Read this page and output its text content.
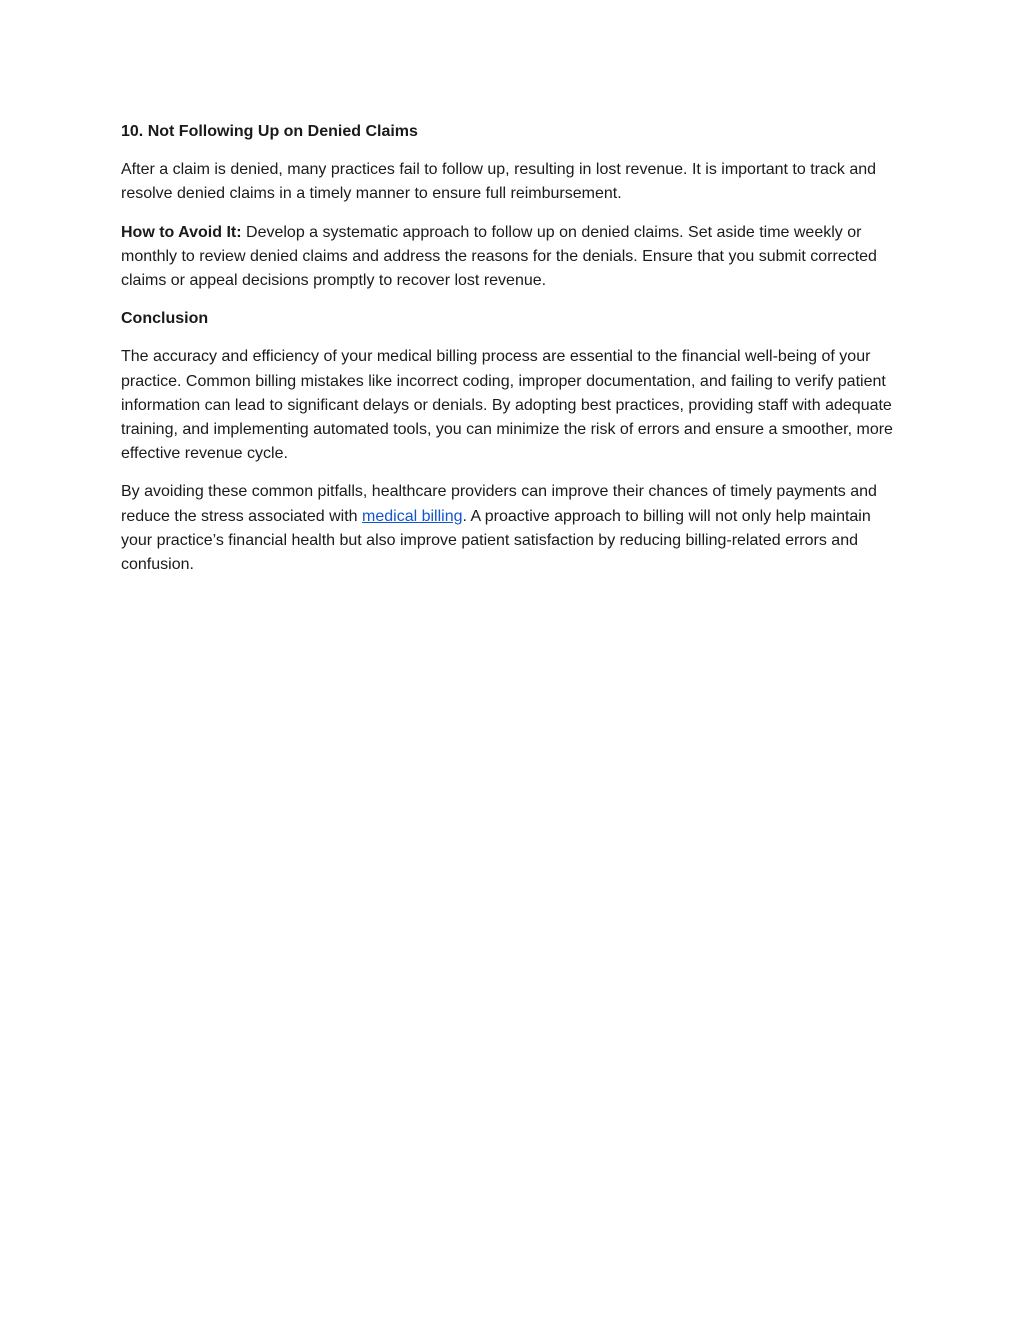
10. Not Following Up on Denied Claims

After a claim is denied, many practices fail to follow up, resulting in lost revenue. It is important to track and resolve denied claims in a timely manner to ensure full reimbursement.

How to Avoid It: Develop a systematic approach to follow up on denied claims. Set aside time weekly or monthly to review denied claims and address the reasons for the denials. Ensure that you submit corrected claims or appeal decisions promptly to recover lost revenue.

Conclusion

The accuracy and efficiency of your medical billing process are essential to the financial well-being of your practice. Common billing mistakes like incorrect coding, improper documentation, and failing to verify patient information can lead to significant delays or denials. By adopting best practices, providing staff with adequate training, and implementing automated tools, you can minimize the risk of errors and ensure a smoother, more effective revenue cycle.

By avoiding these common pitfalls, healthcare providers can improve their chances of timely payments and reduce the stress associated with medical billing. A proactive approach to billing will not only help maintain your practice’s financial health but also improve patient satisfaction by reducing billing-related errors and confusion.
